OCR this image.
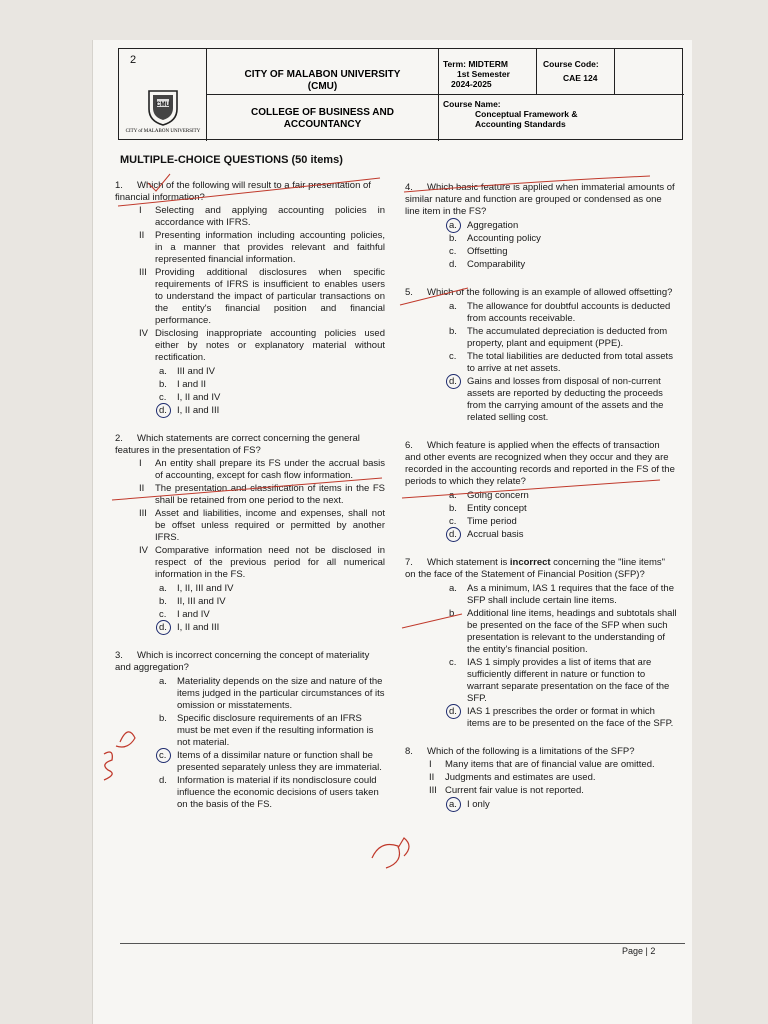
2
CMU
CITY of MALABON UNIVERSITY
CITY OF MALABON UNIVERSITY
(CMU)
COLLEGE OF BUSINESS AND ACCOUNTANCY
Term: MIDTERM
1st Semester
2024-2025
Course Code:
CAE 124
Course Name:
Conceptual Framework & Accounting Standards
MULTIPLE-CHOICE QUESTIONS (50 items)
1. Which of the following will result to a fair presentation of financial information?
I	Selecting and applying accounting policies in accordance with IFRS.
II	Presenting information including accounting policies, in a manner that provides relevant and faithful represented financial information.
III Providing additional disclosures when specific requirements of IFRS is insufficient to enables users to understand the impact of particular transactions on the entity's financial position and financial performance.
IV Disclosing inappropriate accounting policies used either by notes or explanatory material without rectification.
a.	III and IV
b.	I and II
c.	I, II and IV
d.	I, II and III
2. Which statements are correct concerning the general features in the presentation of FS?
I	An entity shall prepare its FS under the accrual basis of accounting, except for cash flow information.
II	The presentation and classification of items in the FS shall be retained from one period to the next.
III Asset and liabilities, income and expenses, shall not be offset unless required or permitted by another IFRS.
IV Comparative information need not be disclosed in respect of the previous period for all numerical information in the FS.
a.	I, II, III and IV
b.	II, III and IV
c.	I and IV
d.	I, II and III
3. Which is incorrect concerning the concept of materiality and aggregation?
a.	Materiality depends on the size and nature of the items judged in the particular circumstances of its omission or misstatements.
b.	Specific disclosure requirements of an IFRS must be met even if the resulting information is not material.
c.	Items of a dissimilar nature or function shall be presented separately unless they are immaterial.
d.	Information is material if its nondisclosure could influence the economic decisions of users taken on the basis of the FS.
4. Which basic feature is applied when immaterial amounts of similar nature and function are grouped or condensed as one line item in the FS?
a.	Aggregation
b.	Accounting policy
c.	Offsetting
d.	Comparability
5. Which of the following is an example of allowed offsetting?
a.	The allowance for doubtful accounts is deducted from accounts receivable.
b.	The accumulated depreciation is deducted from property, plant and equipment (PPE).
c.	The total liabilities are deducted from total assets to arrive at net assets.
d.	Gains and losses from disposal of non-current assets are reported by deducting the proceeds from the carrying amount of the assets and the related selling cost.
6. Which feature is applied when the effects of transaction and other events are recognized when they occur and they are recorded in the accounting records and reported in the FS of the periods to which they relate?
a.	Going concern
b.	Entity concept
c.	Time period
d.	Accrual basis
7. Which statement is incorrect concerning the "line items" on the face of the Statement of Financial Position (SFP)?
a.	As a minimum, IAS 1 requires that the face of the SFP shall include certain line items.
b.	Additional line items, headings and subtotals shall be presented on the face of the SFP when such presentation is relevant to the understanding of the entity's financial position.
c.	IAS 1 simply provides a list of items that are sufficiently different in nature or function to warrant separate presentation on the face of the SFP.
d.	IAS 1 prescribes the order or format in which items are to be presented on the face of the SFP.
8. Which of the following is a limitations of the SFP?
I	Many items that are of financial value are omitted.
II	Judgments and estimates are used.
III Current fair value is not reported.
a.	I only
Page | 2
